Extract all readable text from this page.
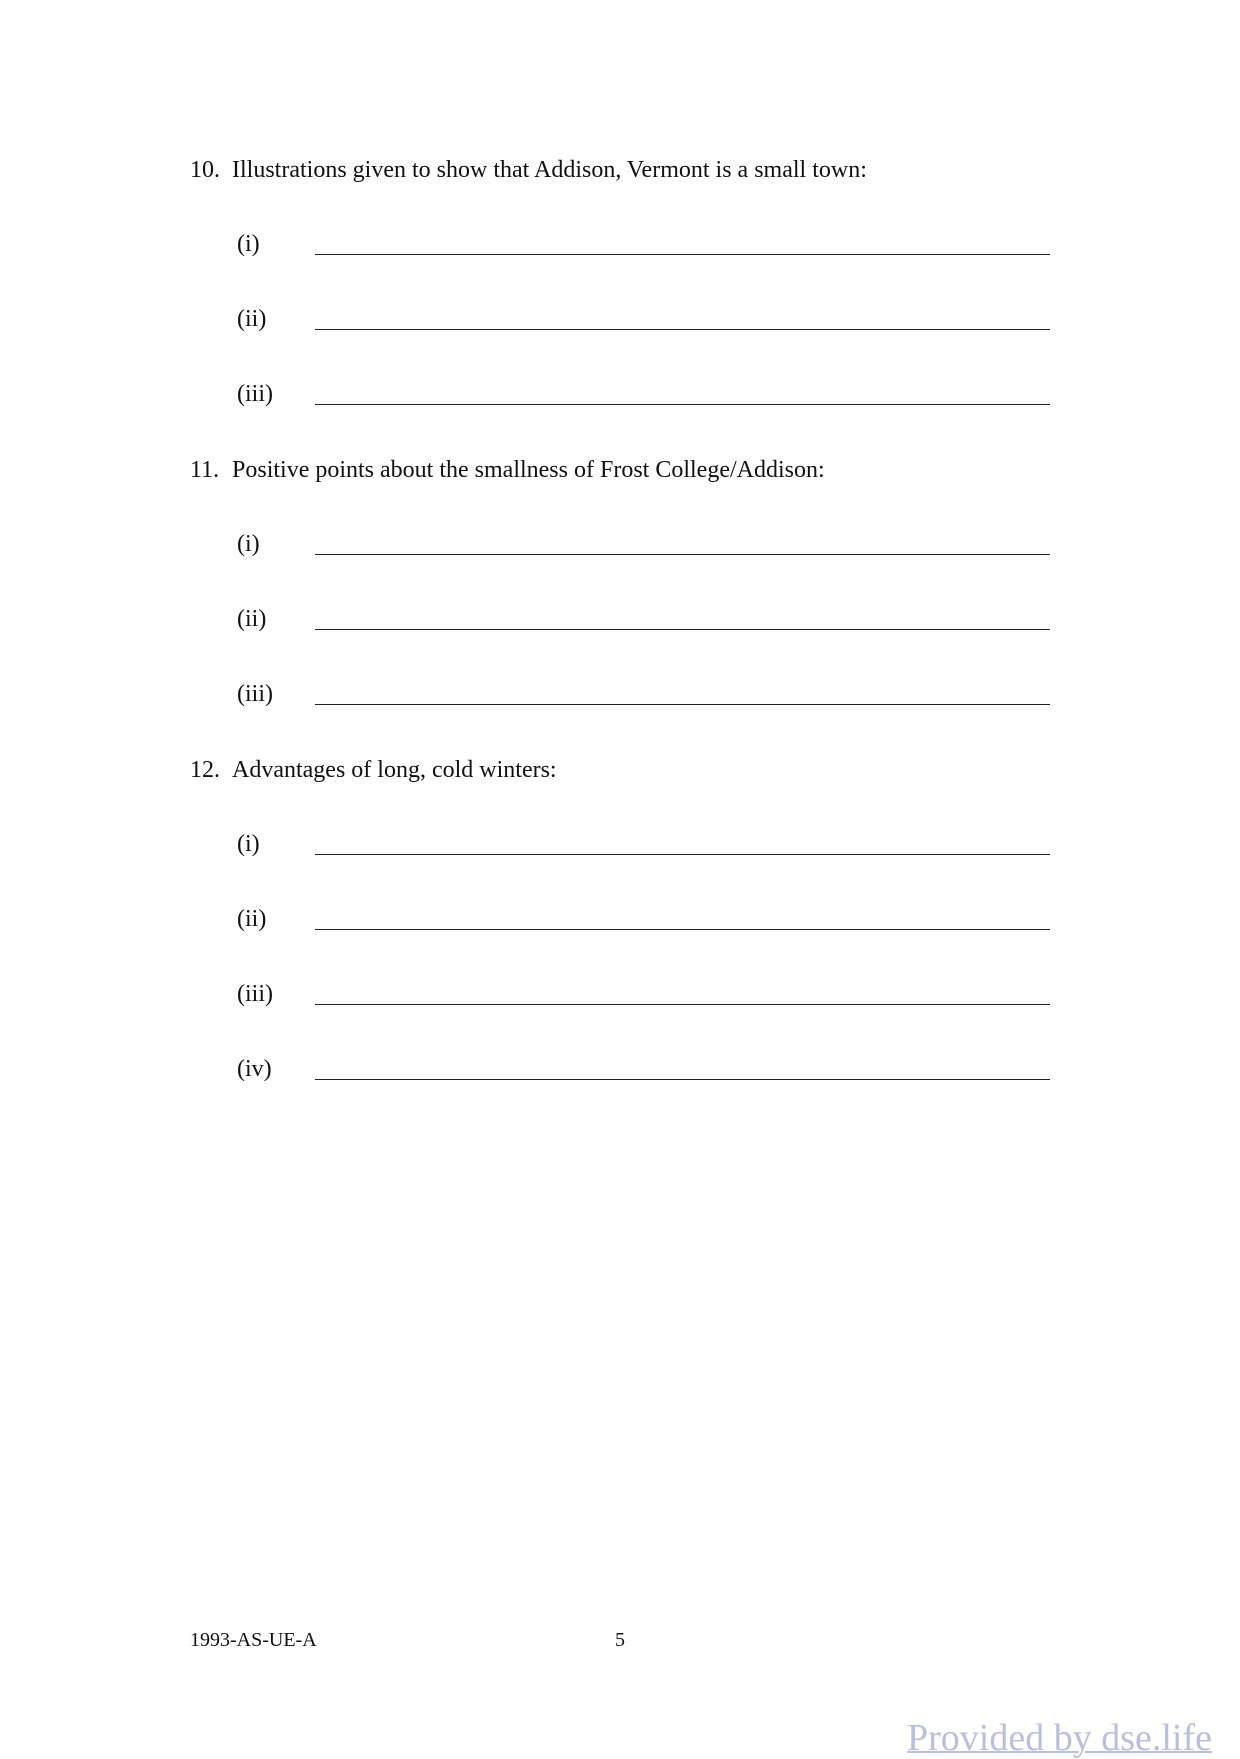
10. Illustrations given to show that Addison, Vermont is a small town:
(i)
(ii)
(iii)
11. Positive points about the smallness of Frost College/Addison:
(i)
(ii)
(iii)
12. Advantages of long, cold winters:
(i)
(ii)
(iii)
(iv)
1993-AS-UE-A	5
Provided by dse.life
